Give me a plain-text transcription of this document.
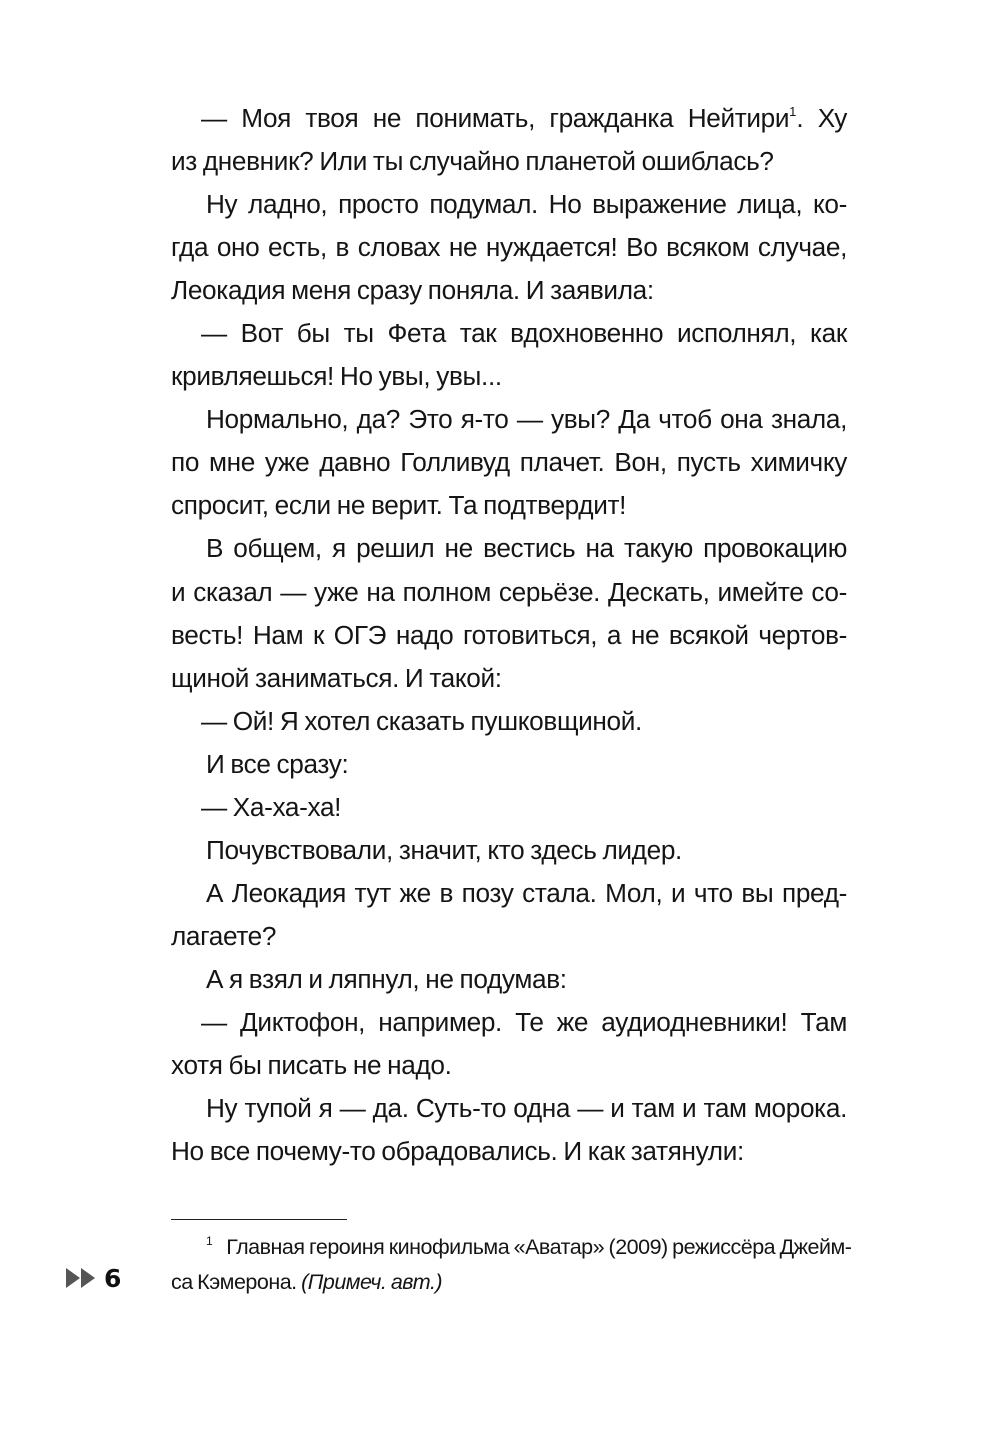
— Моя твоя не понимать, гражданка Нейтири$^1$. Ху
из дневник? Или ты случайно планетой ошиблась?
Ну ладно, просто подумал. Но выражение лица, ко-
гда оно есть, в словах не нуждается! Во всяком случае,
Леокадия меня сразу поняла. И заявила:
— Вот бы ты Фета так вдохновенно исполнял, как
кривляешься! Но увы, увы...
Нормально, да? Это я-то — увы? Да чтоб она знала,
по мне уже давно Голливуд плачет. Вон, пусть химичку
спросит, если не верит. Та подтвердит!
В общем, я решил не вестись на такую провокацию
и сказал — уже на полном серьёзе. Дескать, имейте со-
весть! Нам к ОГЭ надо готовиться, а не всякой чертов-
щиной заниматься. И такой:
— Ой! Я хотел сказать пушковщиной.
И все сразу:
— Ха-ха-ха!
Почувствовали, значит, кто здесь лидер.
А Леокадия тут же в позу стала. Мол, и что вы пред-
лагаете?
А я взял и ляпнул, не подумав:
— Диктофон, например. Те же аудиодневники! Там
хотя бы писать не надо.
Ну тупой я — да. Суть-то одна — и там и там морока.
Но все почему-то обрадовались. И как затянули:
$^1$ Главная героиня кинофильма «Аватар» (2009) режиссёра Джейм-
са Кэмерона. (Примеч. авт.)
6
